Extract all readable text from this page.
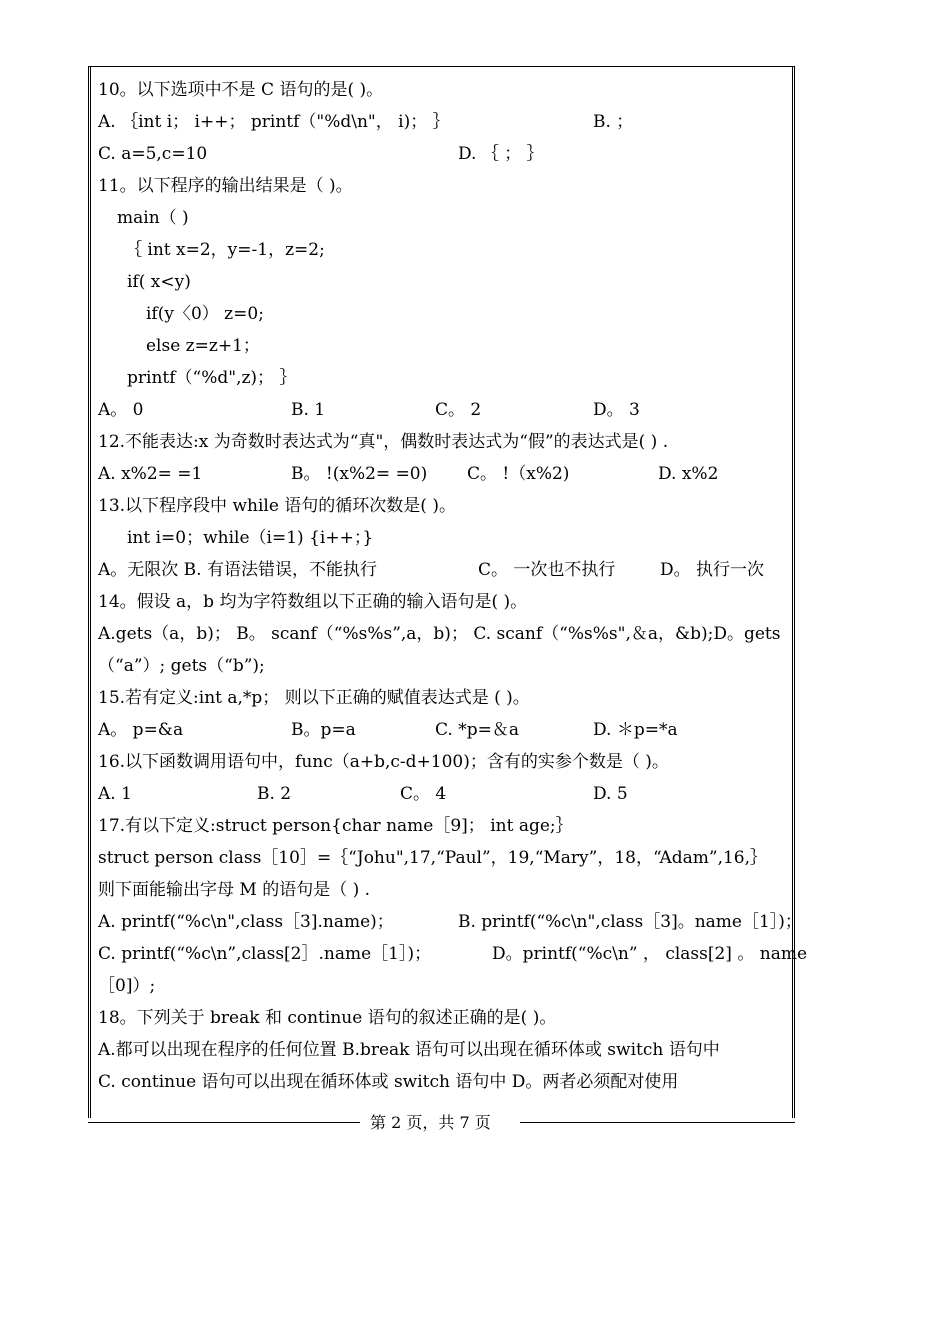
10。以下选项中不是 C 语句的是( )。
A. ｛int i； i++； printf（"%d\n"， i)； ｝	B. ；
C. a=5,c=10	D. ｛ ； ｝
11。以下程序的输出结果是（ )。
main（ )
｛ int x=2，y=-1，z=2;
if( x<y)
if(y〈0） z=0;
else z=z+1；
printf（“%d",z)； ｝
A。 0	B. 1	C。 2	D。 3
12.不能表达:x 为奇数时表达式为“真"，偶数时表达式为“假”的表达式是( ) .
A. x%2= =1	B。 !(x%2= =0) C。 !（x%2)	D. x%2
13.以下程序段中 while 语句的循环次数是( )。
int i=0；while（i=1) {i++；}
A。无限次 B. 有语法错误，不能执行	C。 一次也不执行	D。 执行一次
14。假设 a，b 均为字符数组以下正确的输入语句是( )。
A.gets（a，b)； B。 scanf（“%s%s”,a，b)； C. scanf（“%s%s",＆a，&b);D。gets
（“a”）; gets（“b”);
15.若有定义:int a,*p； 则以下正确的赋值表达式是 ( )。
A。 p=&a	B。p=a	C. *p=＆a	D. ＊p=*a
16.以下函数调用语句中，func（a+b,c-d+100)；含有的实参个数是（ )。
A. 1	B. 2	C。 4	D. 5
17.有以下定义:struct person{char name［9]； int age;｝
struct person class［10］=｛“Johu",17,“Paul”，19,“Mary”，18，“Adam”,16,｝
则下面能输出字母 M 的语句是（ ) .
A. printf(“%c\n",class［3].name)；	B. printf(“%c\n",class［3]。name［1］)；
C. printf(“%c\n”,class[2］.name［1］)；	D。printf(“%c\n” ， class[2] 。 name
［0]）;
18。下列关于 break 和 continue 语句的叙述正确的是( )。
A.都可以出现在程序的任何位置 B.break 语句可以出现在循环体或 switch 语句中
C. continue 语句可以出现在循环体或 switch 语句中 D。两者必须配对使用
第 2 页，共 7 页
